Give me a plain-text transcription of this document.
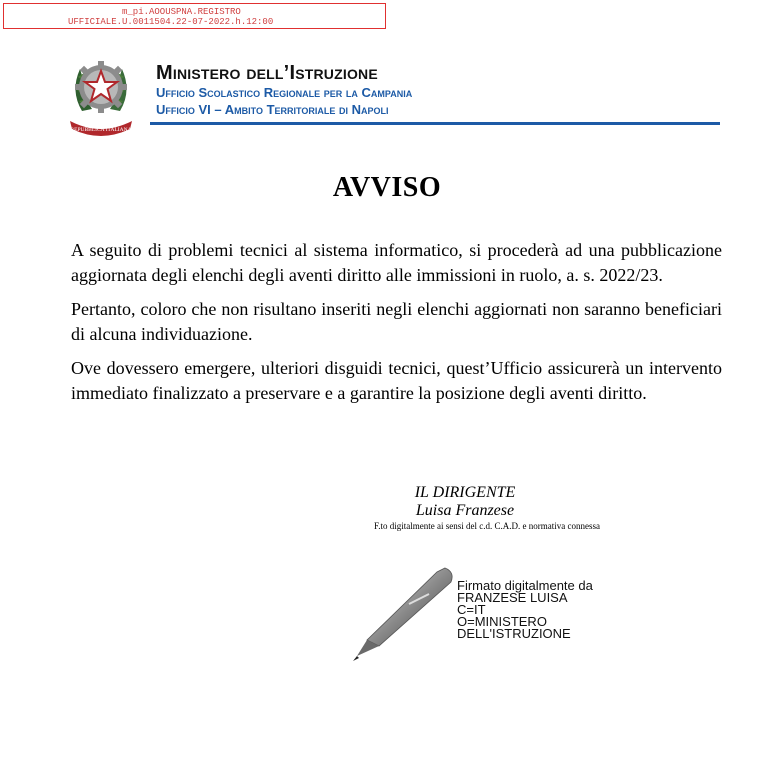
m_pi.AOOUSPNA.REGISTRO
UFFICIALE.U.0011504.22-07-2022.h.12:00
REPUBBLICA ITALIANA
Ministero dell’Istruzione
Ufficio Scolastico Regionale per la Campania
Ufficio VI – Ambito Territoriale di Napoli
AVVISO

A seguito di problemi tecnici al sistema informatico, si procederà ad una pubblicazione aggiornata degli elenchi degli aventi diritto alle immissioni in ruolo, a. s. 2022/23.

Pertanto, coloro che non risultano inseriti negli elenchi aggiornati non saranno beneficiari di alcuna individuazione.

Ove dovessero emergere, ulteriori disguidi tecnici, quest’Ufficio assicurerà un intervento immediato finalizzato a preservare e a garantire la posizione degli aventi diritto.

IL DIRIGENTE
Luisa Franzese
F.to digitalmente ai sensi del c.d. C.A.D. e normativa connessa
Firmato digitalmente da
FRANZESE LUISA
C=IT
O=MINISTERO
DELL'ISTRUZIONE
